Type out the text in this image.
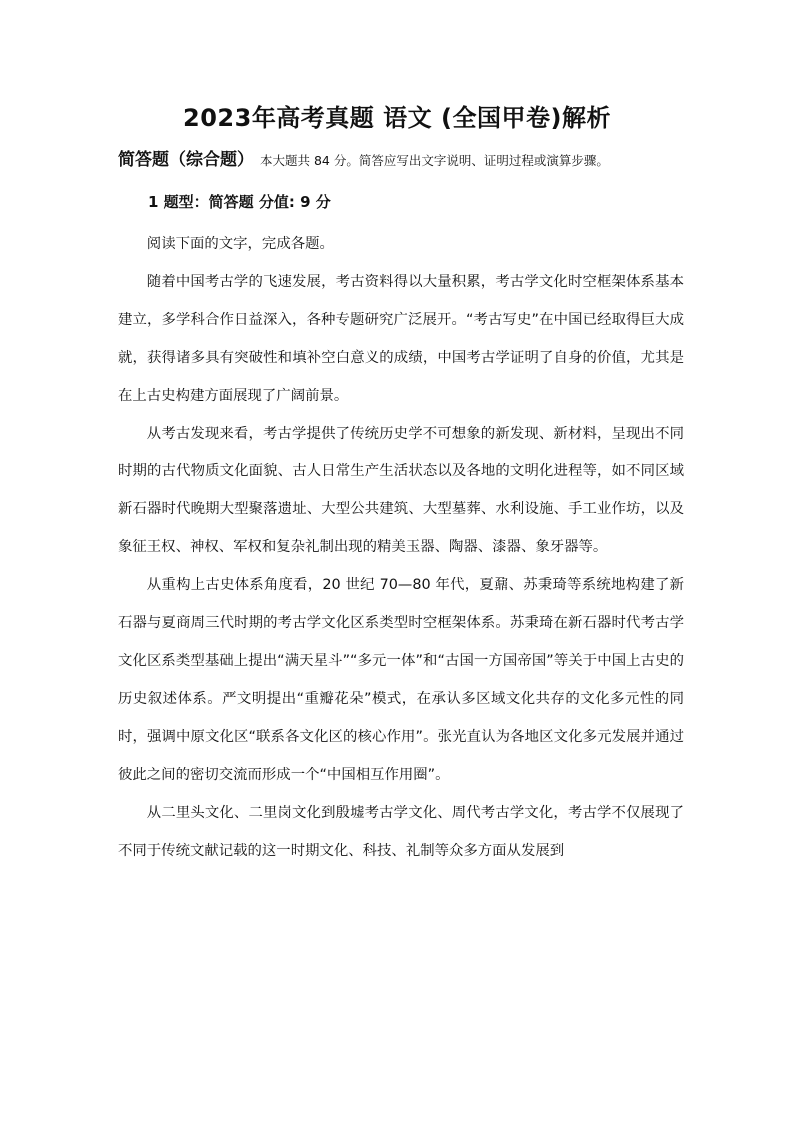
2023年高考真题 语文 (全国甲卷)解析
简答题（综合题） 本大题共 84 分。简答应写出文字说明、证明过程或演算步骤。
1 题型：简答题 分值: 9 分

阅读下面的文字，完成各题。

随着中国考古学的飞速发展，考古资料得以大量积累，考古学文化时空框架体系基本建立，多学科合作日益深入，各种专题研究广泛展开。“考古写史”在中国已经取得巨大成就，获得诸多具有突破性和填补空白意义的成绩，中国考古学证明了自身的价值，尤其是在上古史构建方面展现了广阔前景。

从考古发现来看，考古学提供了传统历史学不可想象的新发现、新材料，呈现出不同时期的古代物质文化面貌、古人日常生产生活状态以及各地的文明化进程等，如不同区域新石器时代晚期大型聚落遗址、大型公共建筑、大型墓葬、水利设施、手工业作坊，以及象征王权、神权、军权和复杂礼制出现的精美玉器、陶器、漆器、象牙器等。

从重构上古史体系角度看，20 世纪 70—80 年代，夏鼐、苏秉琦等系统地构建了新石器与夏商周三代时期的考古学文化区系类型时空框架体系。苏秉琦在新石器时代考古学文化区系类型基础上提出“满天星斗”“多元一体”和“古国一方国帝国”等关于中国上古史的历史叙述体系。严文明提出“重瓣花朵”模式，在承认多区域文化共存的文化多元性的同时，强调中原文化区“联系各文化区的核心作用”。张光直认为各地区文化多元发展并通过彼此之间的密切交流而形成一个“中国相互作用圈”。

从二里头文化、二里岗文化到殷墟考古学文化、周代考古学文化，考古学不仅展现了不同于传统文献记载的这一时期文化、科技、礼制等众多方面从发展到
